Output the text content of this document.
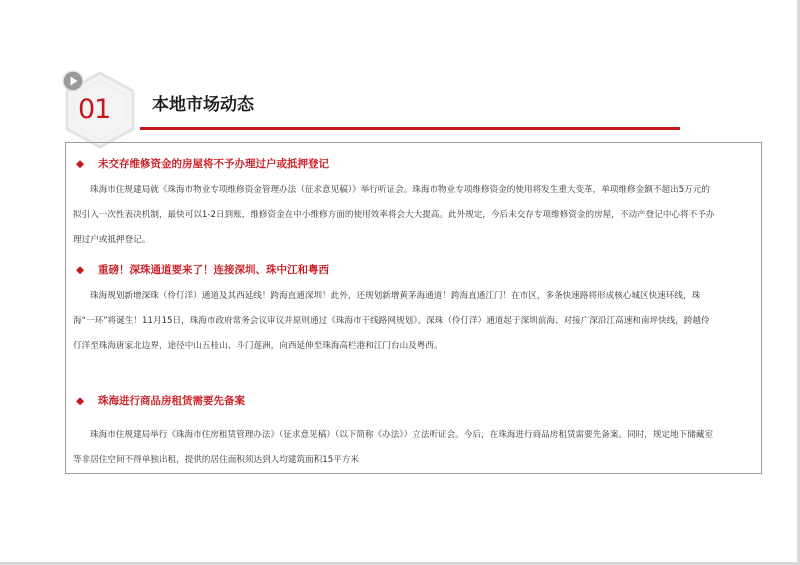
01 本地市场动态
◆ 未交存维修资金的房屋将不予办理过户或抵押登记

珠海市住规建局就《珠海市物业专项维修资金管理办法（征求意见稿）》举行听证会。珠海市物业专项维修资金的使用将发生重大变革，单项维修金额不超出5万元的拟引入一次性表决机制，最快可以1-2日到账，维修资金在中小维修方面的使用效率将会大大提高。此外规定，今后未交存专项维修资金的房屋，不动产登记中心将不予办理过户或抵押登记。

◆ 重磅！深珠通道要来了！连接深圳、珠中江和粤西

珠海规划新增深珠（伶仃洋）通道及其西延线！跨海直通深圳！此外，还规划新增黄茅海通道！跨海直通江门！在市区，多条快速路将形成核心城区快速环线，珠海“一环”将诞生！11月15日，珠海市政府常务会议审议并原则通过《珠海市干线路网规划》。深珠（伶仃洋）通道起于深圳前海、对接广深沿江高速和南坪快线，跨越伶仃洋至珠海唐家北边界，途径中山五桂山、斗门莲洲，向西延伸至珠海高栏港和江门台山及粤西。

◆ 珠海进行商品房租赁需要先备案

珠海市住规建局举行《珠海市住房租赁管理办法》（征求意见稿）（以下简称《办法》）立法听证会。今后，在珠海进行商品房租赁需要先备案。同时，规定地下储藏室等非居住空间不得单独出租，提供的居住面积须达到人均建筑面积15平方米
